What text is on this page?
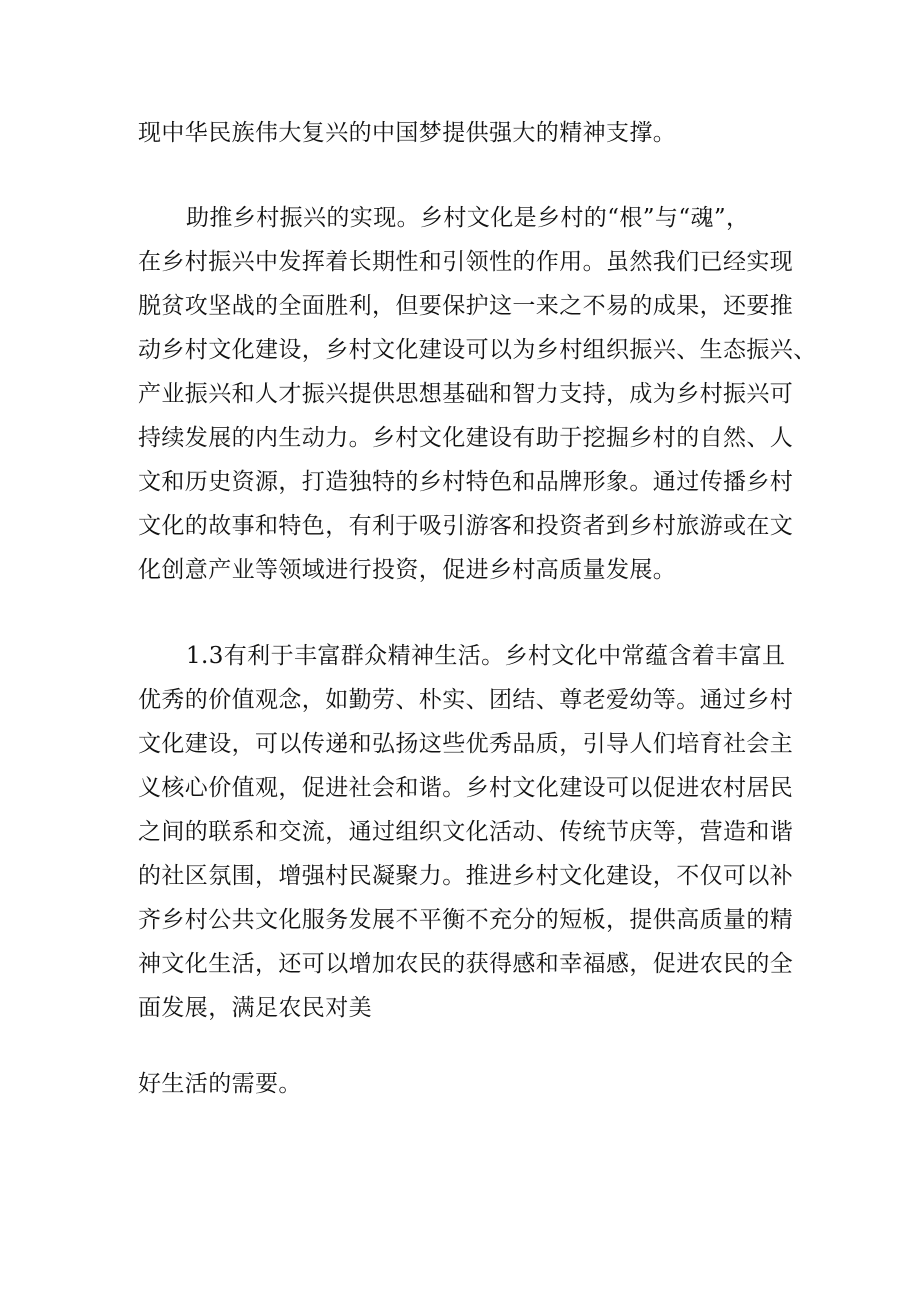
现中华民族伟大复兴的中国梦提供强大的精神支撑。
助推乡村振兴的实现。乡村文化是乡村的“根”与“魂”，
在乡村振兴中发挥着长期性和引领性的作用。虽然我们已经实现
脱贫攻坚战的全面胜利，但要保护这一来之不易的成果，还要推
动乡村文化建设，乡村文化建设可以为乡村组织振兴、生态振兴、
产业振兴和人才振兴提供思想基础和智力支持，成为乡村振兴可
持续发展的内生动力。乡村文化建设有助于挖掘乡村的自然、人
文和历史资源，打造独特的乡村特色和品牌形象。通过传播乡村
文化的故事和特色，有利于吸引游客和投资者到乡村旅游或在文
化创意产业等领域进行投资，促进乡村高质量发展。
1.3有利于丰富群众精神生活。乡村文化中常蕴含着丰富且
优秀的价值观念，如勤劳、朴实、团结、尊老爱幼等。通过乡村
文化建设，可以传递和弘扬这些优秀品质，引导人们培育社会主
义核心价值观，促进社会和谐。乡村文化建设可以促进农村居民
之间的联系和交流，通过组织文化活动、传统节庆等，营造和谐
的社区氛围，增强村民凝聚力。推进乡村文化建设，不仅可以补
齐乡村公共文化服务发展不平衡不充分的短板，提供高质量的精
神文化生活，还可以增加农民的获得感和幸福感，促进农民的全
面发展，满足农民对美
好生活的需要。
